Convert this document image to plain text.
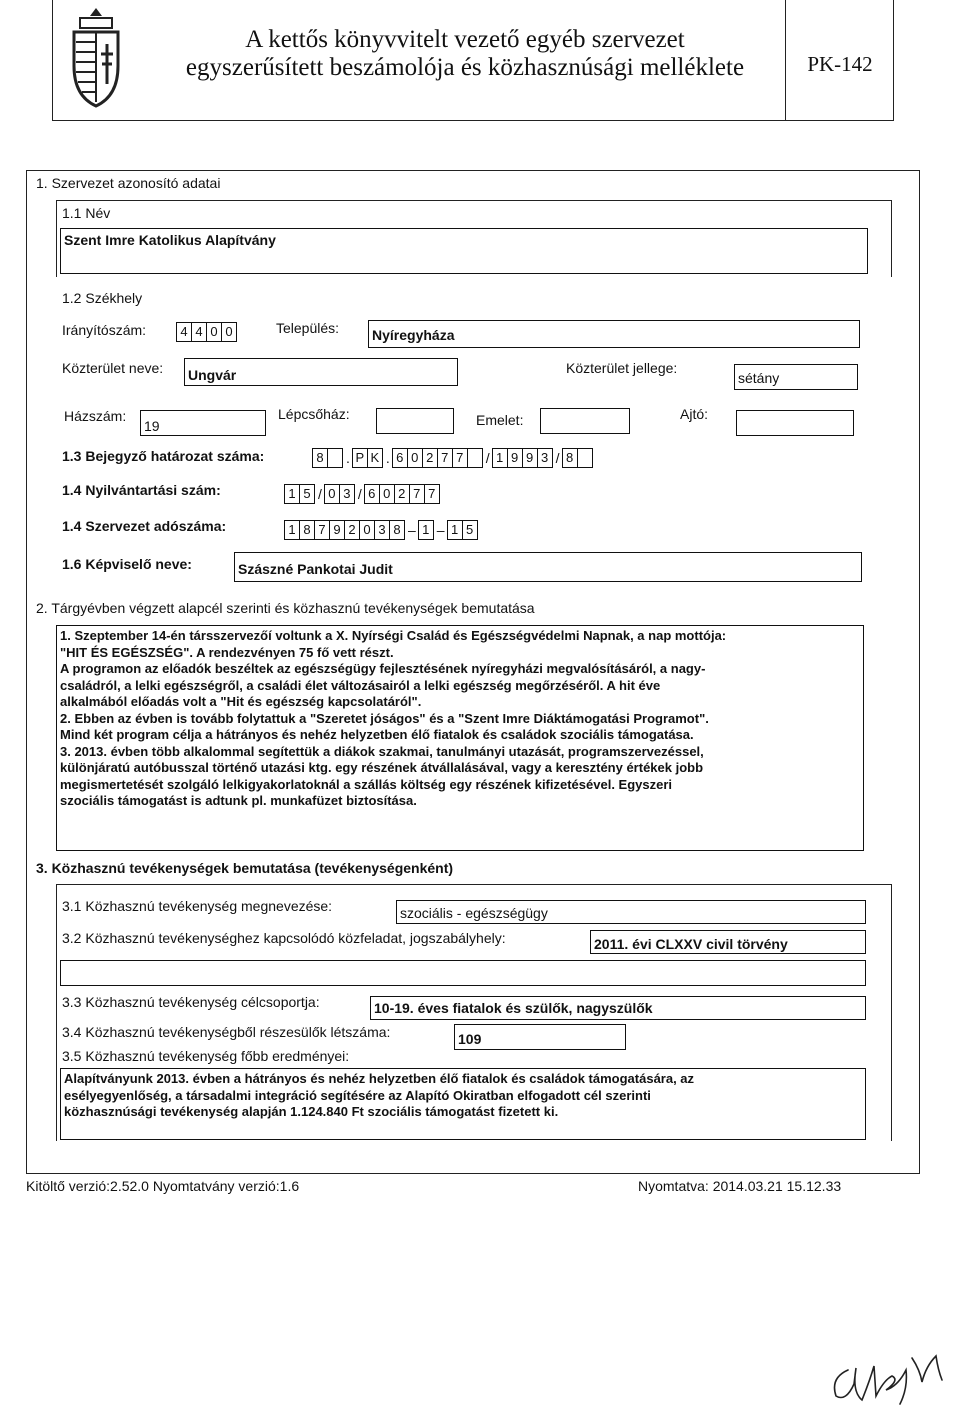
A kettős könyvvitelt vezető egyéb szervezet
egyszerűsített beszámolója és közhasznúsági melléklete	PK-142
1. Szervezet azonosító adatai
1.1 Név
Szent Imre Katolikus Alapítvány
1.2 Székhely
Irányítószám:	4 4 0 0	Település: Nyíregyháza
Közterület neve: Ungvár	Közterület jellege:
sétány
Házszám:
19
Lépcsőház:	Emelet:	Ajtó:
1.3 Bejegyző határozat száma:	8	. P K . 6 0 2 7 7	/ 1 9 9 3 / 8
1.4 Nyilvántartási szám:	1 5 / 0 3 / 6 0 2 7 7
1.4 Szervezet adószáma:	1 8 7 9 2 0 3 8 – 1 – 1 5
1.6 Képviselő neve:	Szászné Pankotai Judit
2. Tárgyévben végzett alapcél szerinti és közhasznú tevékenységek bemutatása
1. Szeptember 14-én társszervezőí voltunk a X. Nyírségi Család és Egészségvédelmi Napnak, a nap mottója:
"HIT ÉS EGÉSZSÉG". A rendezvényen 75 fő vett részt.
A programon az előadók beszéltek az egészségügy fejlesztésének nyíregyházi megvalósításáról, a nagy-
családról, a lelki egészségről, a családi élet változásairól a lelki egészség megőrzéséről. A hit éve
alkalmából előadás volt a "Hit és egészség kapcsolatáról".
2. Ebben az évben is tovább folytattuk a "Szeretet jóságos" és a "Szent Imre Diáktámogatási Programot".
Mind két program célja a hátrányos és nehéz helyzetben élő fiatalok és családok szociális támogatása.
3. 2013. évben több alkalommal segítettük a diákok szakmai, tanulmányi utazását, programszervezéssel,
különjáratú autóbusszal történő utazási ktg. egy részének átvállalásával, vagy a keresztény értékek jobb
megismertetését szolgáló lelkigyakorlatoknál a szállás költség egy részének kifizetésével. Egyszeri
szociális támogatást is adtunk pl. munkafüzet biztosítása.
3. Közhasznú tevékenységek bemutatása (tevékenységenként)
3.1 Közhasznú tevékenység megnevezése:	szociális - egészségügy
3.2 Közhasznú tevékenységhez kapcsolódó közfeladat, jogszabályhely:	2011. évi CLXXV civil törvény
3.3 Közhasznú tevékenység célcsoportja:	10-19. éves fiatalok és szülők, nagyszülők
3.4 Közhasznú tevékenységből részesülők létszáma:	109
3.5 Közhasznú tevékenység főbb eredményei:
Alapítványunk 2013. évben a hátrányos és nehéz helyzetben élő fiatalok és családok támogatására, az
esélyegyenlőség, a társadalmi integráció segítésére az Alapító Okiratban elfogadott cél szerinti
közhasznúsági tevékenység alapján 1.124.840 Ft szociális támogatást fizetett ki.
Kitöltő verzió:2.52.0 Nyomtatvány verzió:1.6	Nyomtatva: 2014.03.21 15.12.33
